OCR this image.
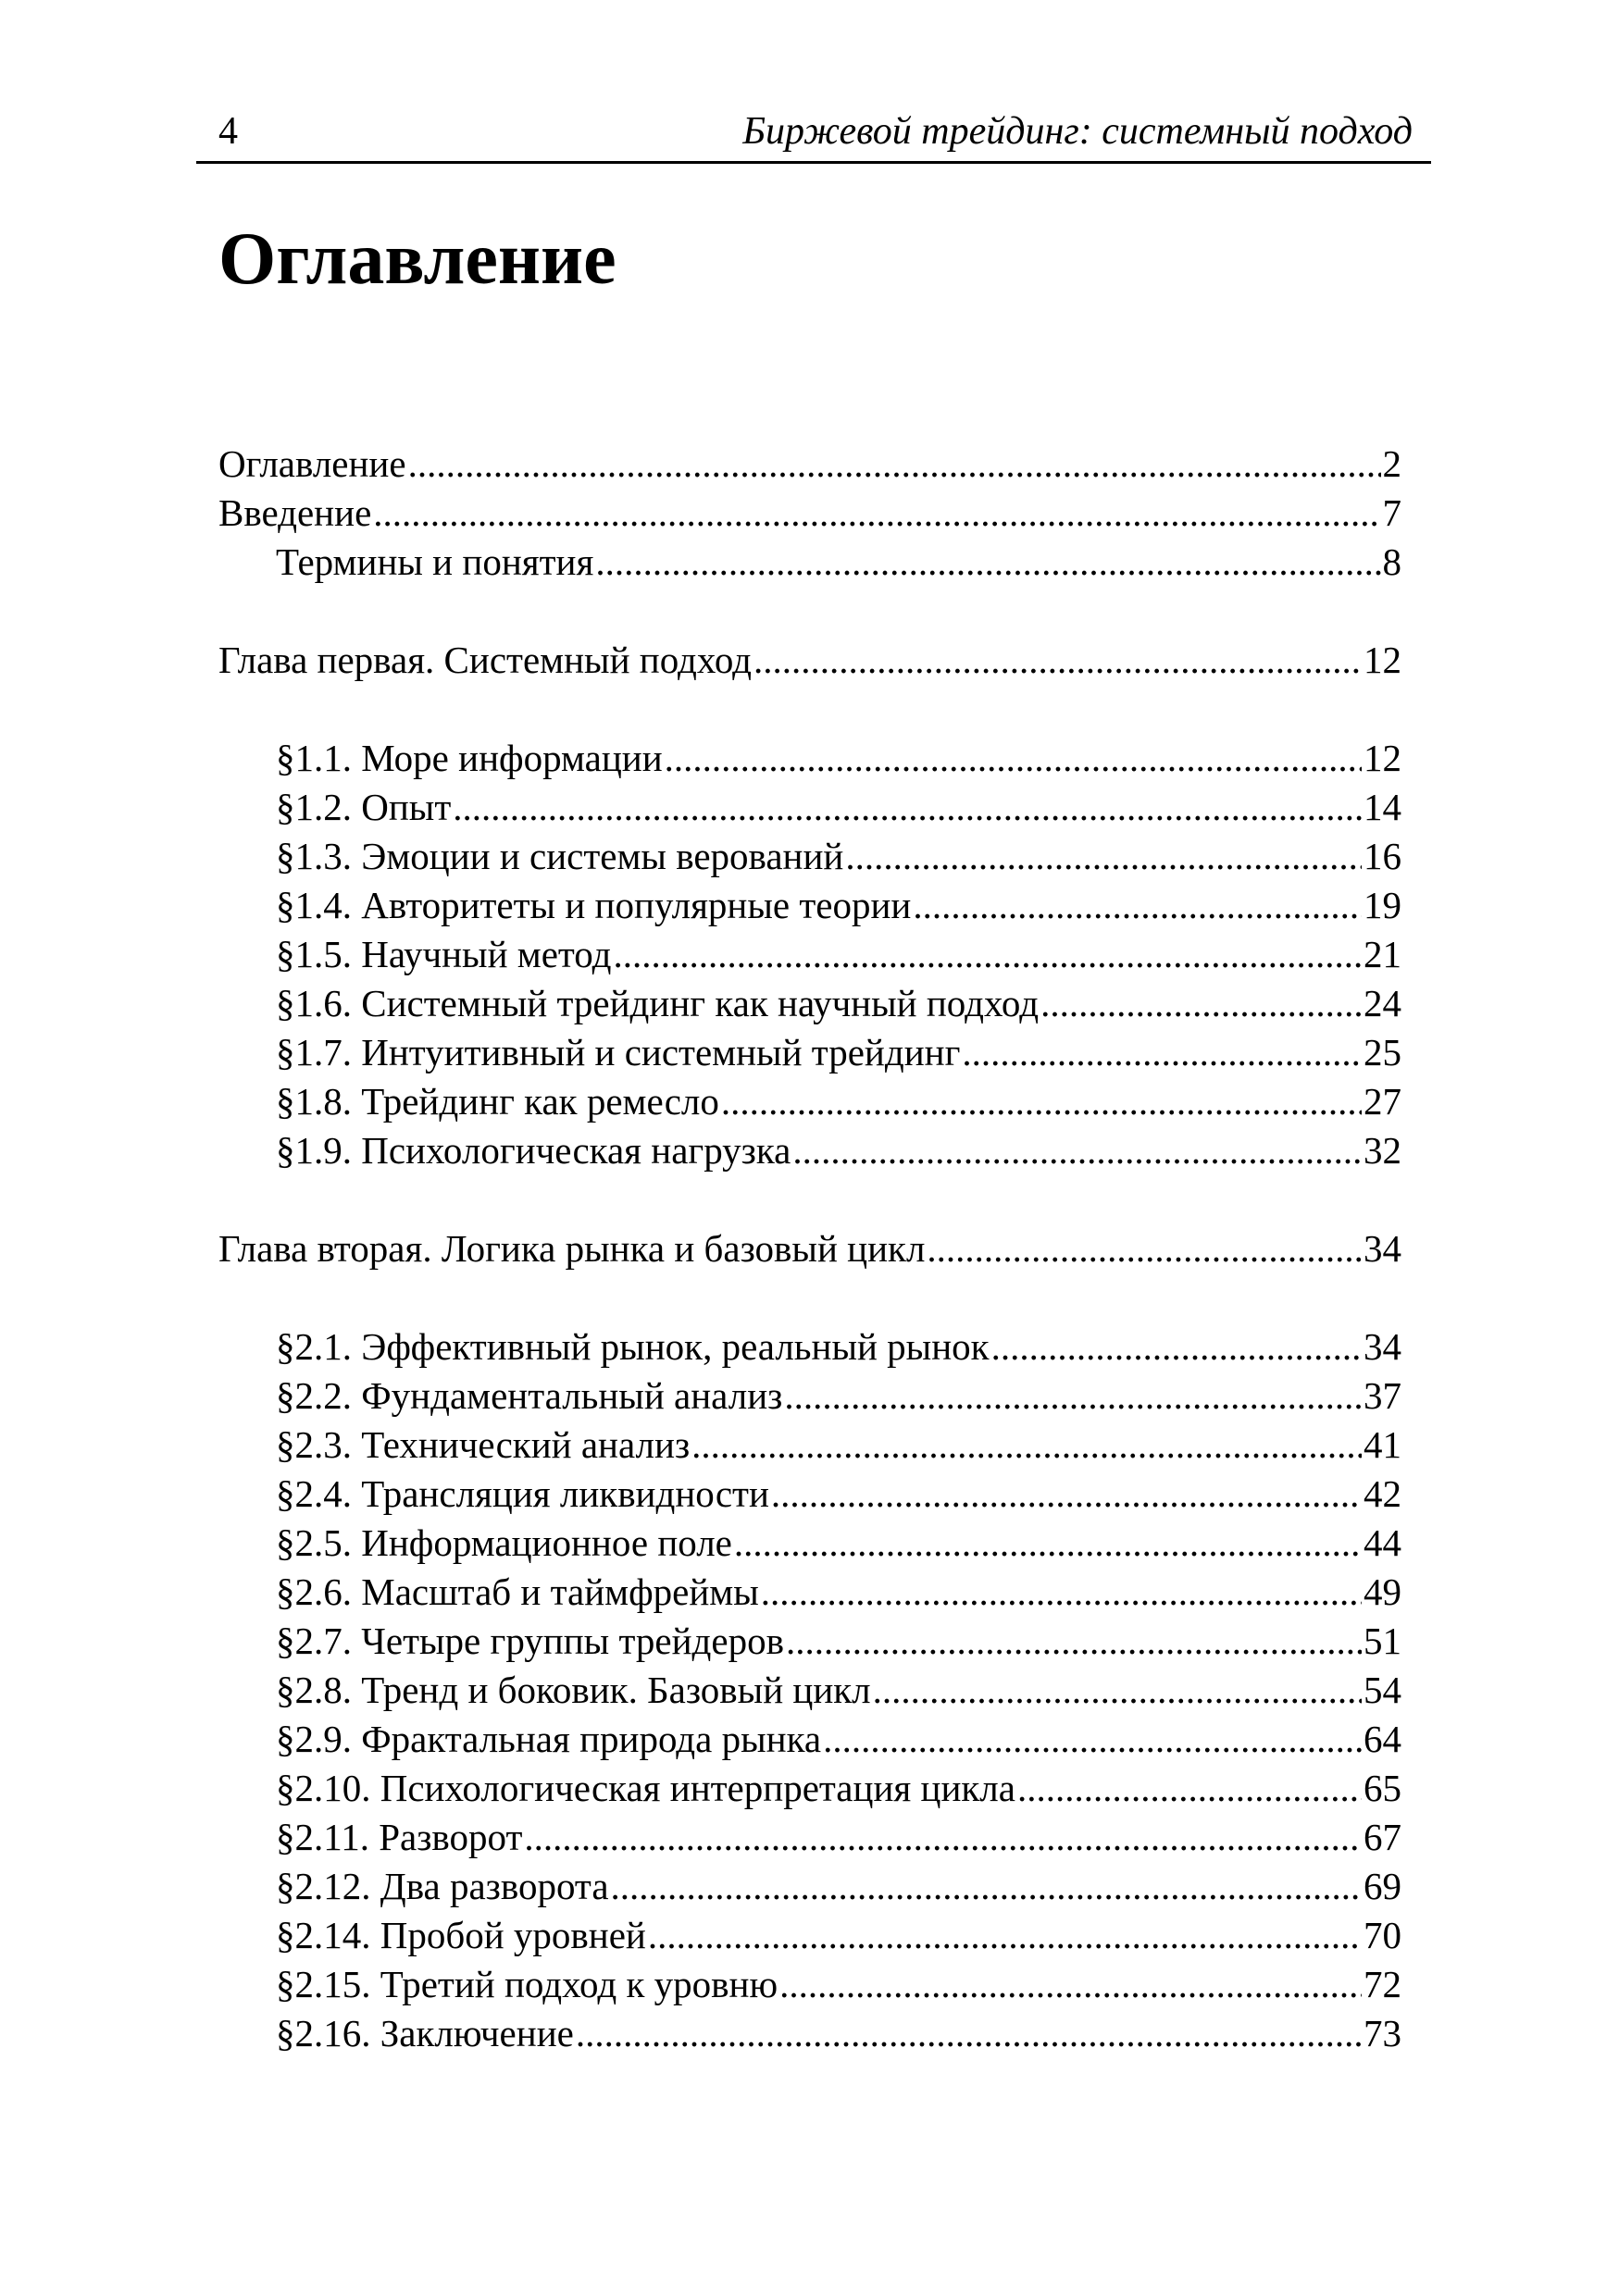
4	Биржевой трейдинг: системный подход
Оглавление
Оглавление .....	2
Введение .....	7
Термины и понятия .....	8
Глава первая. Системный подход .....	12
§1.1. Море информации .....	12
§1.2. Опыт .....	14
§1.3. Эмоции и системы верований .....	16
§1.4. Авторитеты и популярные теории .....	19
§1.5. Научный метод .....	21
§1.6. Системный трейдинг как научный подход .....	24
§1.7. Интуитивный и системный трейдинг .....	25
§1.8. Трейдинг как ремесло .....	27
§1.9. Психологическая нагрузка .....	32
Глава вторая. Логика рынка и базовый цикл .....	34
§2.1. Эффективный рынок, реальный рынок .....	34
§2.2. Фундаментальный анализ .....	37
§2.3. Технический анализ .....	41
§2.4. Трансляция ликвидности .....	42
§2.5. Информационное поле .....	44
§2.6. Масштаб и таймфреймы .....	49
§2.7. Четыре группы трейдеров .....	51
§2.8. Тренд и боковик. Базовый цикл .....	54
§2.9. Фрактальная природа рынка .....	64
§2.10. Психологическая интерпретация цикла .....	65
§2.11. Разворот .....	67
§2.12. Два разворота .....	69
§2.14. Пробой уровней .....	70
§2.15. Третий подход к уровню .....	72
§2.16. Заключение .....	73
